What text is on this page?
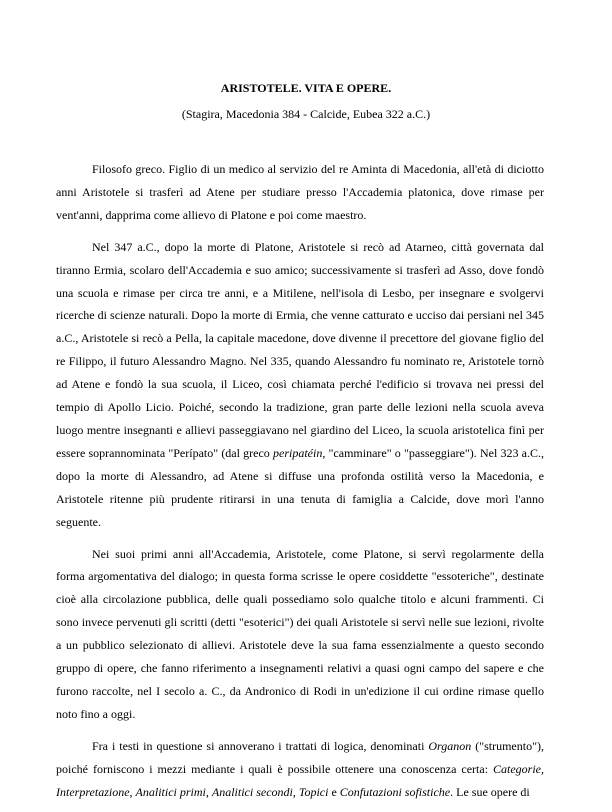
ARISTOTELE. VITA E OPERE.

(Stagira, Macedonia 384 - Calcide, Eubea 322 a.C.)

Filosofo greco. Figlio di un medico al servizio del re Aminta di Macedonia, all'età di diciotto anni Aristotele si trasferì ad Atene per studiare presso l'Accademia platonica, dove rimase per vent'anni, dapprima come allievo di Platone e poi come maestro.

Nel 347 a.C., dopo la morte di Platone, Aristotele si recò ad Atarneo, città governata dal tiranno Ermia, scolaro dell'Accademia e suo amico; successivamente si trasferì ad Asso, dove fondò una scuola e rimase per circa tre anni, e a Mitilene, nell'isola di Lesbo, per insegnare e svolgervi ricerche di scienze naturali. Dopo la morte di Ermia, che venne catturato e ucciso dai persiani nel 345 a.C., Aristotele si recò a Pella, la capitale macedone, dove divenne il precettore del giovane figlio del re Filippo, il futuro Alessandro Magno. Nel 335, quando Alessandro fu nominato re, Aristotele tornò ad Atene e fondò la sua scuola, il Liceo, così chiamata perché l'edificio si trovava nei pressi del tempio di Apollo Licio. Poiché, secondo la tradizione, gran parte delle lezioni nella scuola aveva luogo mentre insegnanti e allievi passeggiavano nel giardino del Liceo, la scuola aristotelica finì per essere soprannominata "Perípato" (dal greco peripatéin, "camminare" o "passeggiare"). Nel 323 a.C., dopo la morte di Alessandro, ad Atene si diffuse una profonda ostilità verso la Macedonia, e Aristotele ritenne più prudente ritirarsi in una tenuta di famiglia a Calcide, dove morì l'anno seguente.

Nei suoi primi anni all'Accademia, Aristotele, come Platone, si servì regolarmente della forma argomentativa del dialogo; in questa forma scrisse le opere cosiddette "essoteriche", destinate cioè alla circolazione pubblica, delle quali possediamo solo qualche titolo e alcuni frammenti. Ci sono invece pervenuti gli scritti (detti "esoterici") dei quali Aristotele si servì nelle sue lezioni, rivolte a un pubblico selezionato di allievi. Aristotele deve la sua fama essenzialmente a questo secondo gruppo di opere, che fanno riferimento a insegnamenti relativi a quasi ogni campo del sapere e che furono raccolte, nel I secolo a. C., da Andronico di Rodi in un'edizione il cui ordine rimase quello noto fino a oggi.

Fra i testi in questione si annoverano i trattati di logica, denominati Organon ("strumento"), poiché forniscono i mezzi mediante i quali è possibile ottenere una conoscenza certa: Categorie, Interpretazione, Analitici primi, Analitici secondi, Topici e Confutazioni sofistiche. Le sue opere di
